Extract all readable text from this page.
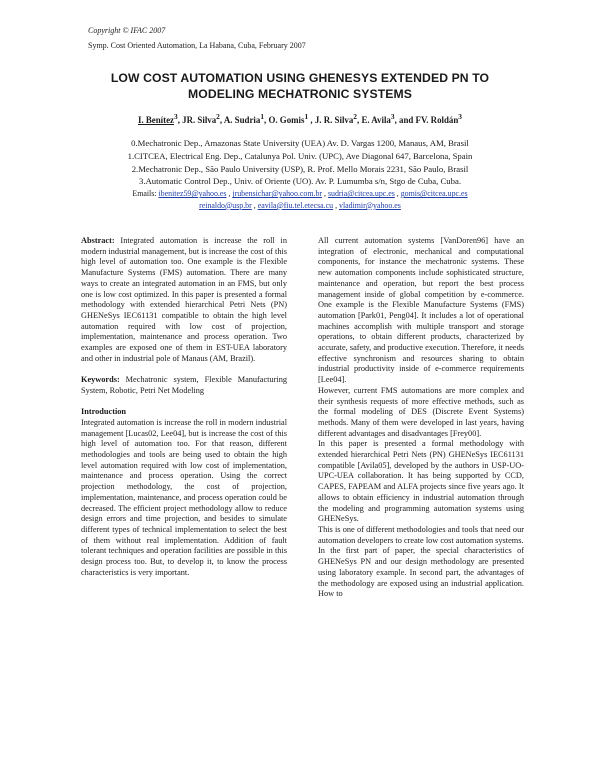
Copyright © IFAC 2007
Symp. Cost Oriented Automation, La Habana, Cuba, February 2007
LOW COST AUTOMATION USING GHENESYS EXTENDED PN TO
MODELING MECHATRONIC SYSTEMS
I. Benítez$^3$, JR. Silva$^2$, A. Sudria$^1$, O. Gomis$^1$ , J. R. Silva$^2$, E. Avila$^3$, and FV. Roldán$^3$
0.Mechatronic Dep., Amazonas State University (UEA) Av. D. Vargas 1200, Manaus, AM, Brasil
1.CITCEA, Electrical Eng. Dep., Catalunya Pol. Univ. (UPC), Ave Diagonal 647, Barcelona, Spain
2.Mechatronic Dep., São Paulo University (USP), R. Prof. Mello Morais 2231, São Paulo, Brasil
3.Automatic Control Dep., Univ. of Oriente (UO). Av. P. Lumumba s/n, Stgo de Cuba, Cuba.
Emails: ibenitez59@yahoo.es , jrubensichar@yahoo.com.br , sudria@citcea.upc.es , gomis@citcea.upc.es
reinaldo@usp.br , eavila@fiu.tel.etecsa.cu , vladimir@yahoo.es

Abstract: Integrated automation is increase the roll in modern industrial management, but is increase the cost of this high level of automation too. One example is the Flexible Manufacture Systems (FMS) automation. There are many ways to create an integrated automation in an FMS, but only one is low cost optimized. In this paper is presented a formal methodology with extended hierarchical Petri Nets (PN) GHENeSys IEC61131 compatible to obtain the high level automation required with low cost of projection, implementation, maintenance and process operation. Two examples are exposed one of them in EST-UEA laboratory and other in industrial pole of Manaus (AM, Brazil).

Keywords: Mechatronic system, Flexible Manufacturing System, Robotic, Petri Net Modeling

Introduction

Integrated automation is increase the roll in modern industrial management [Lucas02, Lee04], but is increase the cost of this high level of automation too. For that reason, different methodologies and tools are being used to obtain the high level automation required with low cost of implementation, maintenance and process operation. Using the correct projection methodology, the cost of projection, implementation, maintenance, and process operation could be decreased. The efficient project methodology allow to reduce design errors and time projection, and besides to simulate different types of technical implementation to select the best of them without real implementation. Addition of fault tolerant techniques and operation facilities are possible in this design process too. But, to develop it, to know the process characteristics is very important.

All current automation systems [VanDoren96] have an integration of electronic, mechanical and computational components, for instance the mechatronic systems. These new automation components include sophisticated structure, maintenance and operation, but report the best process management inside of global competition by e-commerce. One example is the Flexible Manufacture Systems (FMS) automation [Park01, Peng04]. It includes a lot of operational machines accomplish with multiple transport and storage operations, to obtain different products, characterized by accurate, safety, and productive execution. Therefore, it needs effective synchronism and resources sharing to obtain industrial productivity inside of e-commerce requirements [Lee04].
However, current FMS automations are more complex and their synthesis requests of more effective methods, such as the formal modeling of DES (Discrete Event Systems) methods. Many of them were developed in last years, having different advantages and disadvantages [Frey00].
In this paper is presented a formal methodology with extended hierarchical Petri Nets (PN) GHENeSys IEC61131 compatible [Avila05], developed by the authors in USP-UO-UPC-UEA collaboration. It has being supported by CCD, CAPES, FAPEAM and ALFA projects since five years ago. It allows to obtain efficiency in industrial automation through the modeling and programming automation systems using GHENeSys.
This is one of different methodologies and tools that need our automation developers to create low cost automation systems.
In the first part of paper, the special characteristics of GHENeSys PN and our design methodology are presented using laboratory example. In second part, the advantages of the methodology are exposed using an industrial application. How to
